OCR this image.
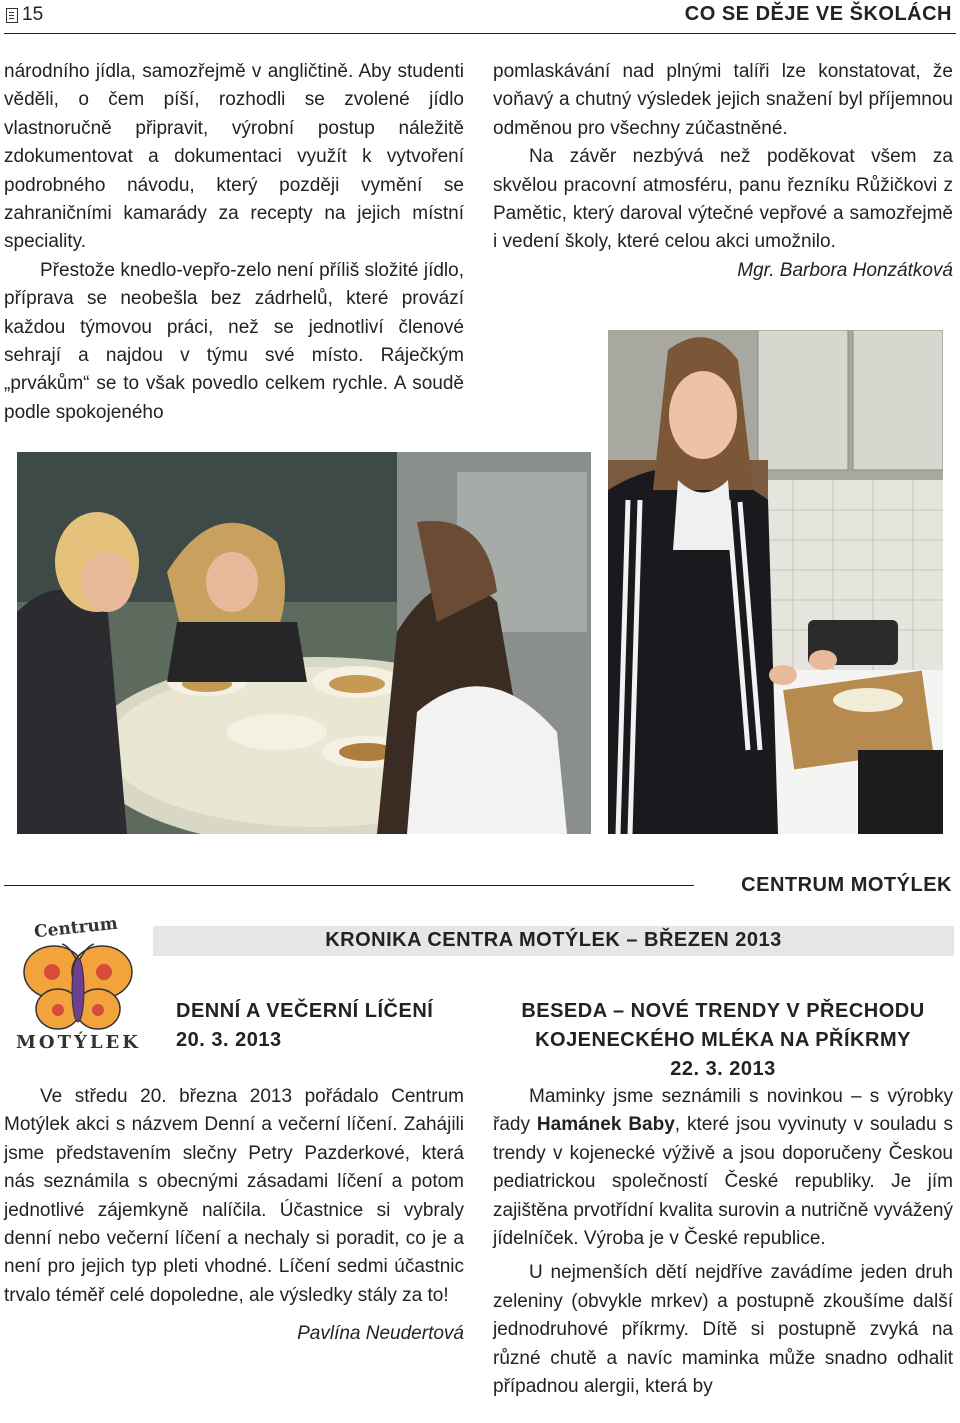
15	CO SE DĚJE VE ŠKOLÁCH

národního jídla, samozřejmě v angličtině. Aby studenti věděli, o čem píší, rozhodli se zvolené jídlo vlastnoručně připravit, výrobní postup náležitě zdokumentovat a dokumentaci využít k vytvoření podrobného návodu, který později vymění se zahraničními kamarády za recepty na jejich místní speciality.

Přestože knedlo-vepřo-zelo není příliš složité jídlo, příprava se neobešla bez zádrhelů, které provází každou týmovou práci, než se jednotliví členové sehrají a najdou v týmu své místo. Ráječkým „prvákům“ se to však povedlo celkem rychle. A soudě podle spokojeného

pomlaskávání nad plnými talíři lze konstatovat, že voňavý a chutný výsledek jejich snažení byl příjemnou odměnou pro všechny zúčastněné.

Na závěr nezbývá než poděkovat všem za skvělou pracovní atmosféru, panu řezníku Růžičkovi z Pamětic, který daroval výtečné vepřové a samozřejmě i vedení školy, které celou akci umožnilo.

Mgr. Barbora Honzátková
CENTRUM MOTÝLEK
KRONIKA CENTRA MOTÝLEK – BŘEZEN 2013
Centrum
MOTÝLEK
DENNÍ A VEČERNÍ LÍČENÍ
20. 3. 2013

Ve středu 20. března 2013 pořádalo Centrum Motýlek akci s názvem Denní a večerní líčení. Zahájili jsme představením slečny Petry Pazderkové, která nás seznámila s obecnými zásadami líčení a potom jednotlivé zájemkyně nalíčila. Účastnice si vybraly denní nebo večerní líčení a nechaly si poradit, co je a není pro jejich typ pleti vhodné. Líčení sedmi účastnic trvalo téměř celé dopoledne, ale výsledky stály za to!

Pavlína Neudertová
BESEDA – NOVÉ TRENDY V PŘECHODU
KOJENECKÉHO MLÉKA NA PŘÍKRMY
22. 3. 2013

Maminky jsme seznámili s novinkou – s výrobky řady Hamánek Baby, které jsou vyvinuty v souladu s trendy v kojenecké výživě a jsou doporučeny Českou pediatrickou společností České republiky. Je jím zajištěna prvotřídní kvalita surovin a nutričně vyvážený jídelníček. Výroba je v České republice.

U nejmenších dětí nejdříve zavádíme jeden druh zeleniny (obvykle mrkev) a postupně zkoušíme další jednodruhové příkrmy. Dítě si postupně zvyká na různé chutě a navíc maminka může snadno odhalit případnou alergii, která by
